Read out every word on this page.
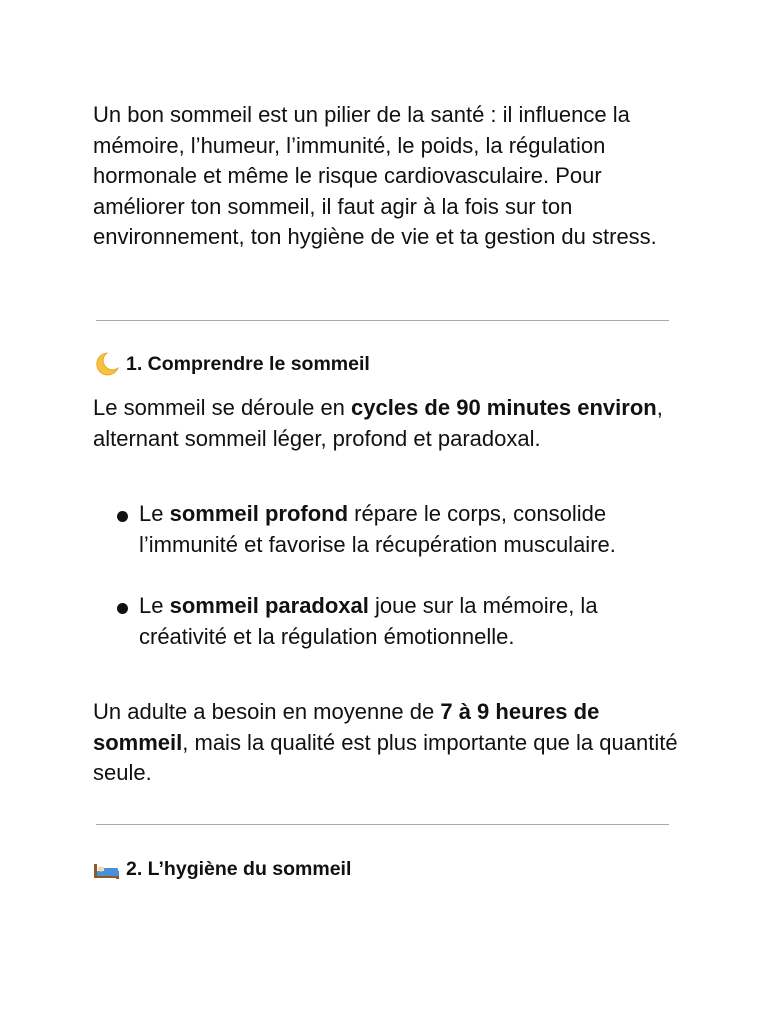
Un bon sommeil est un pilier de la santé : il influence la mémoire, l’humeur, l’immunité, le poids, la régulation hormonale et même le risque cardiovasculaire. Pour améliorer ton sommeil, il faut agir à la fois sur ton environnement, ton hygiène de vie et ta gestion du stress.

1. Comprendre le sommeil

Le sommeil se déroule en cycles de 90 minutes environ, alternant sommeil léger, profond et paradoxal.

Le sommeil profond répare le corps, consolide l’immunité et favorise la récupération musculaire.
Le sommeil paradoxal joue sur la mémoire, la créativité et la régulation émotionnelle.

Un adulte a besoin en moyenne de 7 à 9 heures de sommeil, mais la qualité est plus importante que la quantité seule.

2. L’hygiène du sommeil
